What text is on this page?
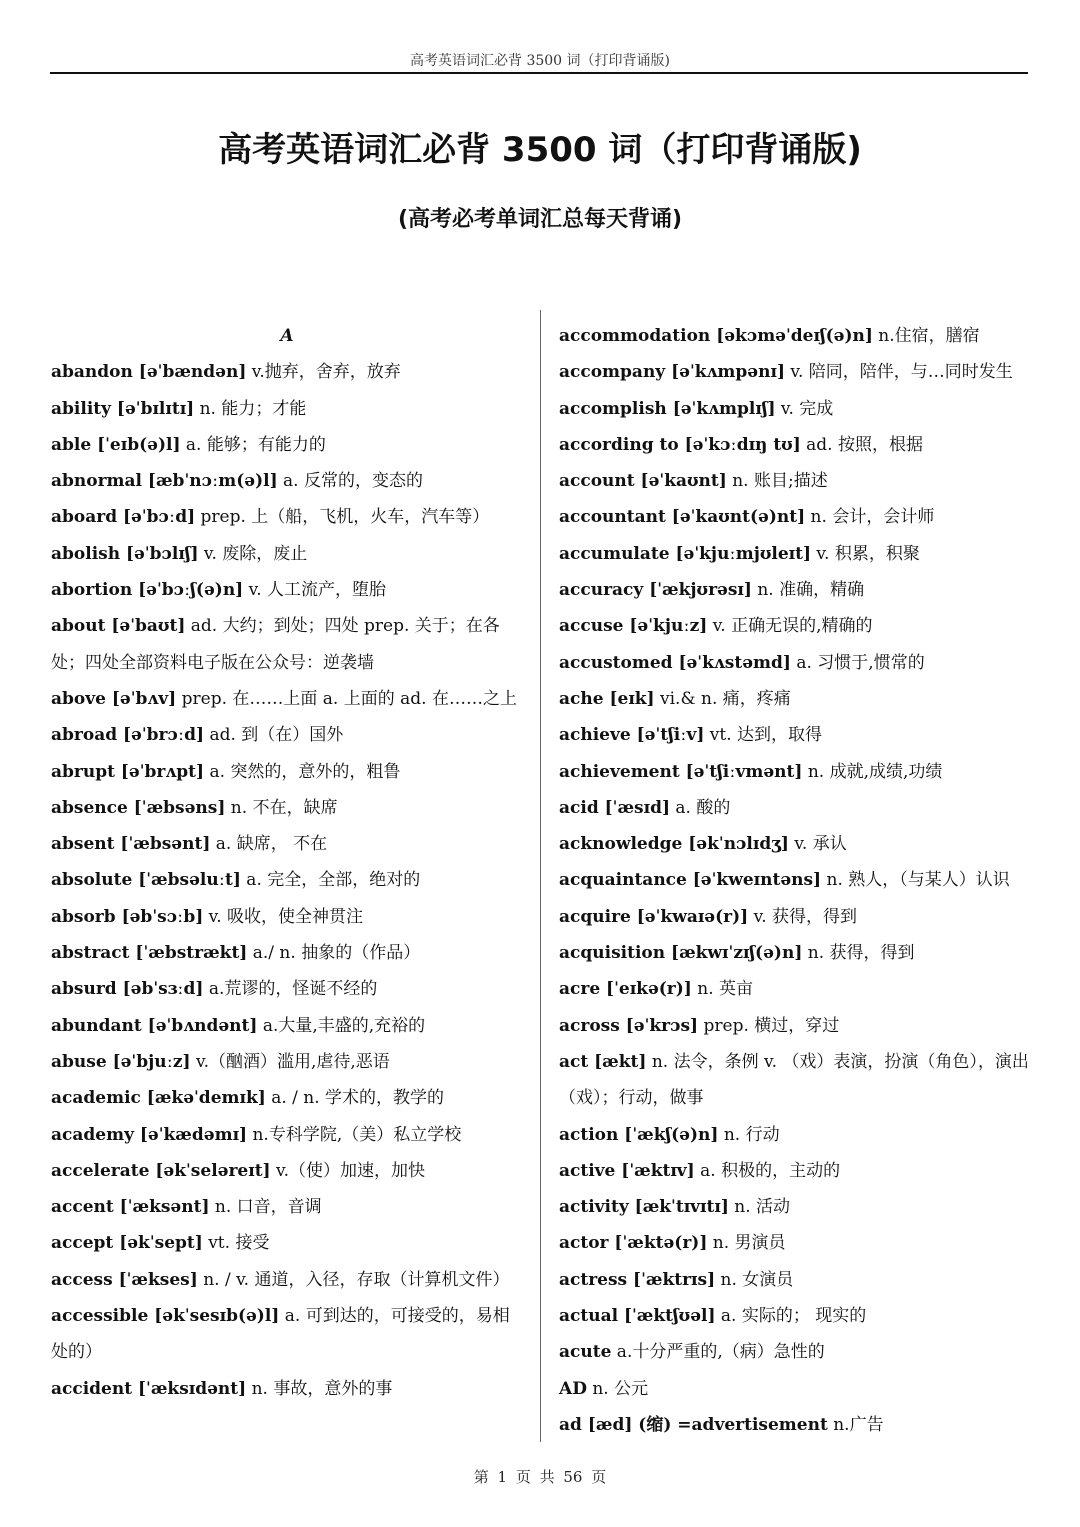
高考英语词汇必背 3500 词（打印背诵版)
高考英语词汇必背 3500 词（打印背诵版)
(高考必考单词汇总每天背诵)
A
abandon [əˈbændən] v.抛弃，舍弃，放弃
ability [əˈbɪlɪtɪ] n. 能力；才能
able [ˈeɪb(ə)l] a. 能够；有能力的
abnormal [æbˈnɔːm(ə)l] a. 反常的，变态的
aboard [əˈbɔːd] prep. 上（船，飞机，火车，汽车等）
abolish [əˈbɔlɪʃ] v. 废除，废止
abortion [əˈbɔːʃ(ə)n] v. 人工流产，堕胎
about [əˈbaʊt] ad. 大约；到处；四处 prep. 关于；在各处；四处全部资料电子版在公众号：逆袭墙
above [əˈbʌv] prep. 在……上面 a. 上面的 ad. 在……之上
abroad [əˈbrɔːd] ad. 到（在）国外
abrupt [əˈbrʌpt] a. 突然的，意外的，粗鲁
absence [ˈæbsəns] n. 不在，缺席
absent [ˈæbsənt] a. 缺席， 不在
absolute [ˈæbsəluːt] a. 完全，全部，绝对的
absorb [əbˈsɔːb] v. 吸收，使全神贯注
abstract [ˈæbstrækt] a./ n. 抽象的（作品）
absurd [əbˈsɜːd] a.荒谬的，怪诞不经的
abundant [əˈbʌndənt] a.大量,丰盛的,充裕的
abuse [əˈbjuːz] v.（酗酒）滥用,虐待,恶语
academic [ækəˈdemɪk] a. / n. 学术的，教学的
academy [əˈkædəmɪ] n.专科学院,（美）私立学校
accelerate [əkˈseləreɪt] v.（使）加速，加快
accent [ˈæksənt] n. 口音，音调
accept [əkˈsept] vt. 接受
access [ˈækses] n. / v. 通道，入径，存取（计算机文件）
accessible [əkˈsesɪb(ə)l] a. 可到达的，可接受的，易相处的）
accident [ˈæksɪdənt] n. 事故，意外的事
accommodation [əkɔməˈdeɪʃ(ə)n] n.住宿，膳宿
accompany [əˈkʌmpənɪ] v. 陪同，陪伴，与…同时发生
accomplish [əˈkʌmplɪʃ] v. 完成
according to [əˈkɔːdɪŋ tʊ] ad. 按照，根据
account [əˈkaʊnt] n. 账目;描述
accountant [əˈkaʊnt(ə)nt] n. 会计，会计师
accumulate [əˈkjuːmjʊleɪt] v. 积累，积聚
accuracy [ˈækjʊrəsɪ] n. 准确，精确
accuse [əˈkjuːz] v. 正确无误的,精确的
accustomed [əˈkʌstəmd] a. 习惯于,惯常的
ache [eɪk] vi.& n. 痛，疼痛
achieve [əˈtʃiːv] vt. 达到，取得
achievement [əˈtʃiːvmənt] n. 成就,成绩,功绩
acid [ˈæsɪd] a. 酸的
acknowledge [əkˈnɔlɪdʒ] v. 承认
acquaintance [əˈkweɪntəns] n. 熟人，（与某人）认识
acquire [əˈkwaɪə(r)] v. 获得，得到
acquisition [ækwɪˈzɪʃ(ə)n] n. 获得，得到
acre [ˈeɪkə(r)] n. 英亩
across [əˈkrɔs] prep. 横过，穿过
act [ækt] n. 法令，条例 v. （戏）表演，扮演（角色），演出（戏）；行动，做事
action [ˈækʃ(ə)n] n. 行动
active [ˈæktɪv] a. 积极的，主动的
activity [ækˈtɪvɪtɪ] n. 活动
actor [ˈæktə(r)] n. 男演员
actress [ˈæktrɪs] n. 女演员
actual [ˈæktʃʊəl] a. 实际的； 现实的
acute a.十分严重的,（病）急性的
AD n. 公元
ad [æd] (缩) =advertisement n.广告
第 1 页 共 56 页
